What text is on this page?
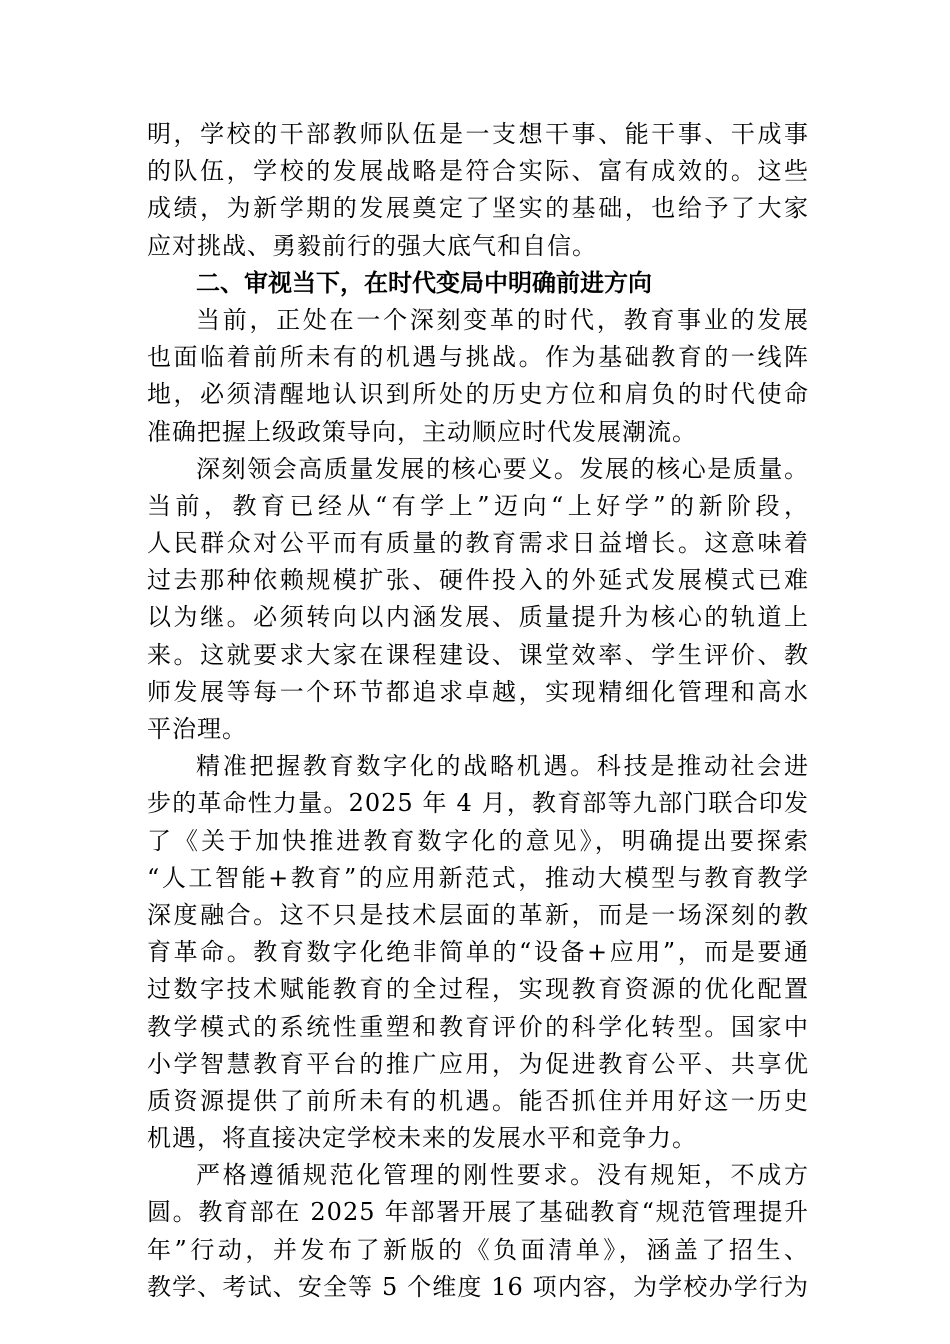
明，学校的干部教师队伍是一支想干事、能干事、干成事
的队伍，学校的发展战略是符合实际、富有成效的。这些
成绩，为新学期的发展奠定了坚实的基础，也给予了大家
应对挑战、勇毅前行的强大底气和自信。
二、审视当下，在时代变局中明确前进方向
当前，正处在一个深刻变革的时代，教育事业的发展
也面临着前所未有的机遇与挑战。作为基础教育的一线阵
地，必须清醒地认识到所处的历史方位和肩负的时代使命
准确把握上级政策导向，主动顺应时代发展潮流。
深刻领会高质量发展的核心要义。发展的核心是质量。
当前，教育已经从“有学上”迈向“上好学”的新阶段，
人民群众对公平而有质量的教育需求日益增长。这意味着
过去那种依赖规模扩张、硬件投入的外延式发展模式已难
以为继。必须转向以内涵发展、质量提升为核心的轨道上
来。这就要求大家在课程建设、课堂效率、学生评价、教
师发展等每一个环节都追求卓越，实现精细化管理和高水
平治理。
精准把握教育数字化的战略机遇。科技是推动社会进
步的革命性力量。2025 年 4 月，教育部等九部门联合印发
了《关于加快推进教育数字化的意见》，明确提出要探索
“人工智能+教育”的应用新范式，推动大模型与教育教学
深度融合。这不只是技术层面的革新，而是一场深刻的教
育革命。教育数字化绝非简单的“设备+应用”，而是要通
过数字技术赋能教育的全过程，实现教育资源的优化配置
教学模式的系统性重塑和教育评价的科学化转型。国家中
小学智慧教育平台的推广应用，为促进教育公平、共享优
质资源提供了前所未有的机遇。能否抓住并用好这一历史
机遇，将直接决定学校未来的发展水平和竞争力。
严格遵循规范化管理的刚性要求。没有规矩，不成方
圆。教育部在 2025 年部署开展了基础教育“规范管理提升
年”行动，并发布了新版的《负面清单》，涵盖了招生、
教学、考试、安全等 5 个维度 16 项内容，为学校办学行为
